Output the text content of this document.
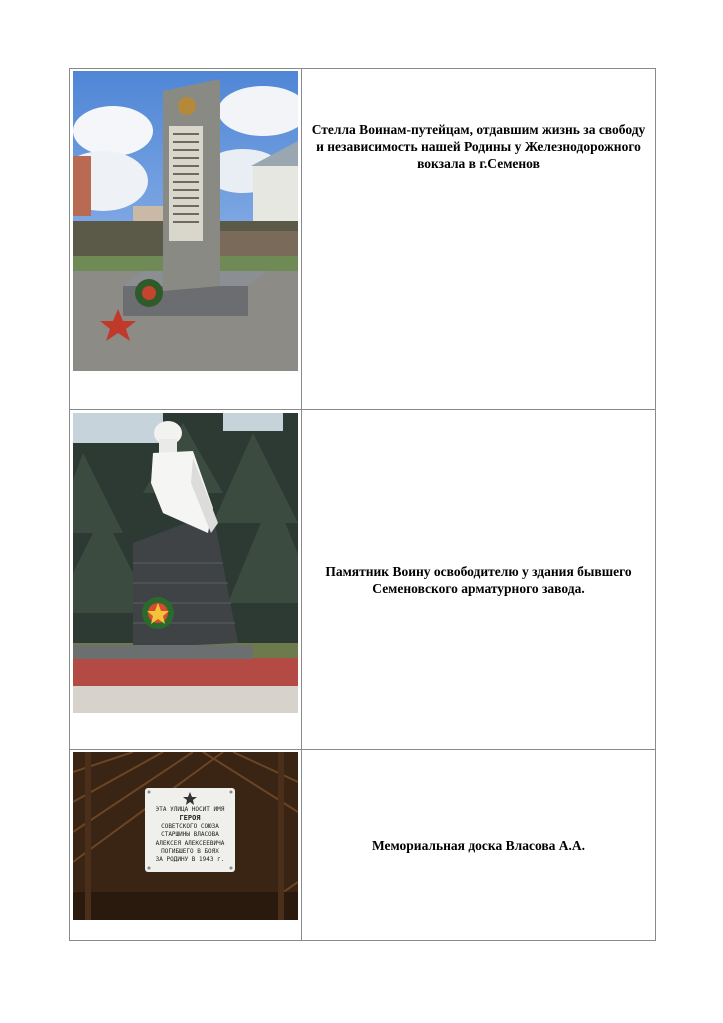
Стелла Воинам-путейцам, отдавшим жизнь за свободу и независимость нашей Родины у Железнодорожного вокзала в г.Семенов
Памятник Воину освободителю у здания бывшего Семеновского арматурного завода.
ЭТА УЛИЦА НОСИТ ИМЯ
ГЕРОЯ
СОВЕТСКОГО СОЮЗА
СТАРШИНЫ ВЛАСОВА
АЛЕКСЕЯ АЛЕКСЕЕВИЧА
ПОГИБШЕГО В БОЯХ
ЗА РОДИНУ В 1943 г.
Мемориальная доска Власова А.А.
